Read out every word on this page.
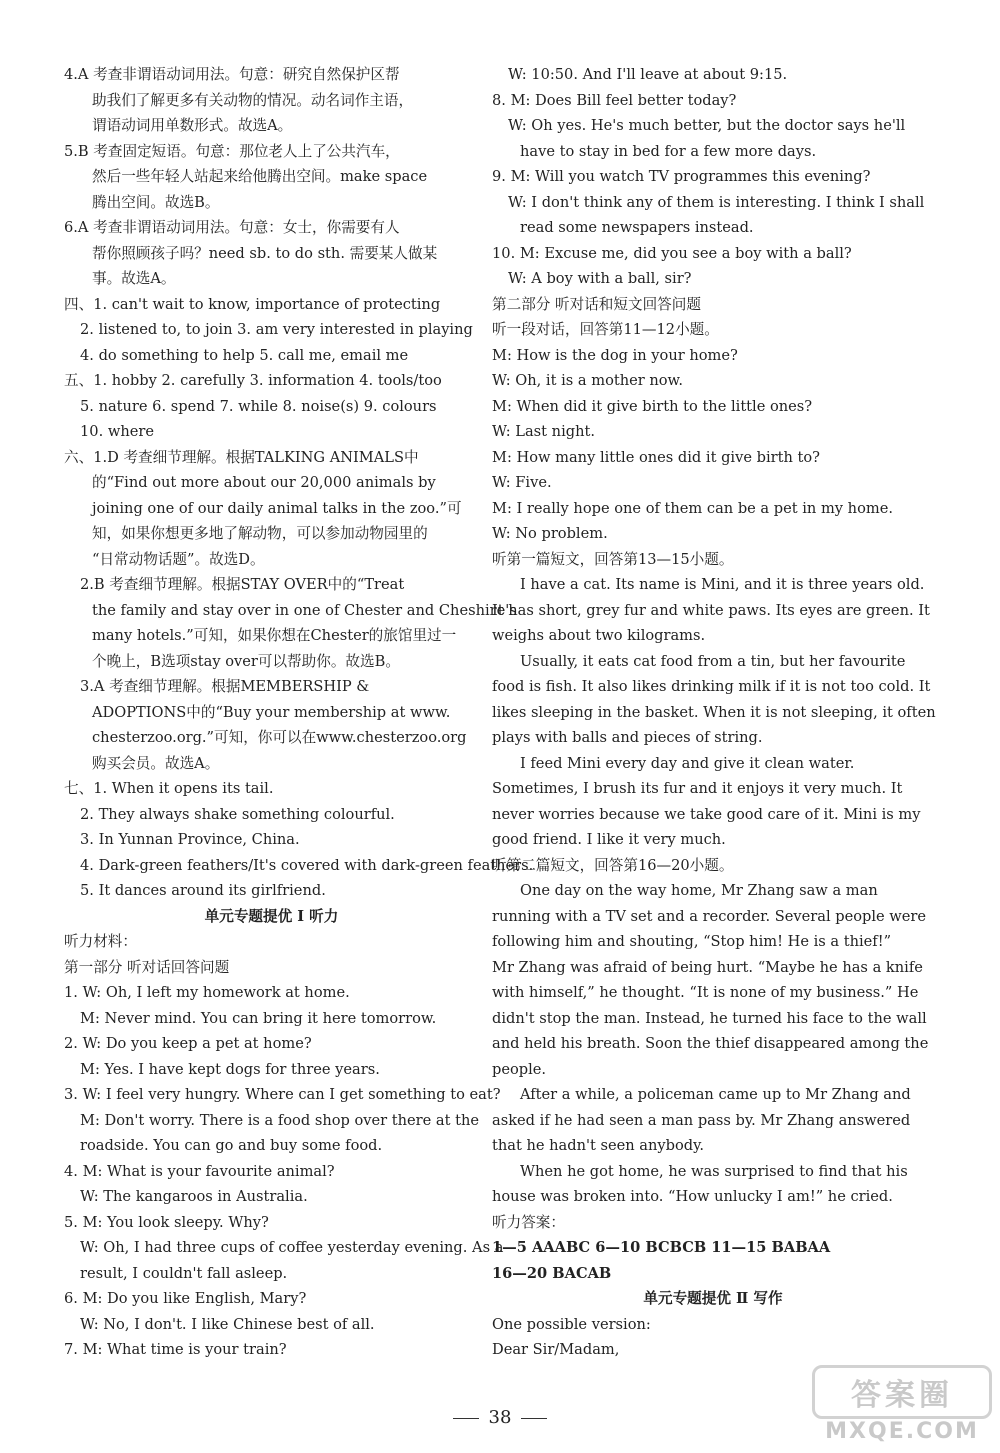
4.A 考查非谓语动词用法。句意：研究自然保护区帮
助我们了解更多有关动物的情况。动名词作主语，
谓语动词用单数形式。故选A。
5.B 考查固定短语。句意：那位老人上了公共汽车，
然后一些年轻人站起来给他腾出空间。make space
腾出空间。故选B。
6.A 考查非谓语动词用法。句意：女士，你需要有人
帮你照顾孩子吗？need sb. to do sth. 需要某人做某
事。故选A。
四、1. can't wait to know, importance of protecting
2. listened to, to join 3. am very interested in playing
4. do something to help 5. call me, email me
五、1. hobby 2. carefully 3. information 4. tools/too
5. nature 6. spend 7. while 8. noise(s) 9. colours
10. where
六、1.D 考查细节理解。根据TALKING ANIMALS中
的“Find out more about our 20,000 animals by
joining one of our daily animal talks in the zoo.”可
知，如果你想更多地了解动物，可以参加动物园里的
“日常动物话题”。故选D。
2.B 考查细节理解。根据STAY OVER中的“Treat
the family and stay over in one of Chester and Cheshire's
many hotels.”可知，如果你想在Chester的旅馆里过一
个晚上，B选项stay over可以帮助你。故选B。
3.A 考查细节理解。根据MEMBERSHIP &
ADOPTIONS中的“Buy your membership at www.
chesterzoo.org.”可知，你可以在www.chesterzoo.org
购买会员。故选A。
七、1. When it opens its tail.
2. They always shake something colourful.
3. In Yunnan Province, China.
4. Dark-green feathers/It's covered with dark-green feathers.
5. It dances around its girlfriend.
单元专题提优 Ⅰ 听力
听力材料：
第一部分 听对话回答问题
1. W: Oh, I left my homework at home.
M: Never mind. You can bring it here tomorrow.
2. W: Do you keep a pet at home?
M: Yes. I have kept dogs for three years.
3. W: I feel very hungry. Where can I get something to eat?
M: Don't worry. There is a food shop over there at the
roadside. You can go and buy some food.
4. M: What is your favourite animal?
W: The kangaroos in Australia.
5. M: You look sleepy. Why?
W: Oh, I had three cups of coffee yesterday evening. As a
result, I couldn't fall asleep.
6. M: Do you like English, Mary?
W: No, I don't. I like Chinese best of all.
7. M: What time is your train?
W: 10:50. And I'll leave at about 9:15.
8. M: Does Bill feel better today?
W: Oh yes. He's much better, but the doctor says he'll
have to stay in bed for a few more days.
9. M: Will you watch TV programmes this evening?
W: I don't think any of them is interesting. I think I shall
read some newspapers instead.
10. M: Excuse me, did you see a boy with a ball?
W: A boy with a ball, sir?
第二部分 听对话和短文回答问题
听一段对话，回答第11—12小题。
M: How is the dog in your home?
W: Oh, it is a mother now.
M: When did it give birth to the little ones?
W: Last night.
M: How many little ones did it give birth to?
W: Five.
M: I really hope one of them can be a pet in my home.
W: No problem.
听第一篇短文，回答第13—15小题。
I have a cat. Its name is Mini, and it is three years old.
It has short, grey fur and white paws. Its eyes are green. It
weighs about two kilograms.
Usually, it eats cat food from a tin, but her favourite
food is fish. It also likes drinking milk if it is not too cold. It
likes sleeping in the basket. When it is not sleeping, it often
plays with balls and pieces of string.
I feed Mini every day and give it clean water.
Sometimes, I brush its fur and it enjoys it very much. It
never worries because we take good care of it. Mini is my
good friend. I like it very much.
听第二篇短文，回答第16—20小题。
One day on the way home, Mr Zhang saw a man
running with a TV set and a recorder. Several people were
following him and shouting, “Stop him! He is a thief!”
Mr Zhang was afraid of being hurt. “Maybe he has a knife
with himself,” he thought. “It is none of my business.” He
didn't stop the man. Instead, he turned his face to the wall
and held his breath. Soon the thief disappeared among the
people.
After a while, a policeman came up to Mr Zhang and
asked if he had seen a man pass by. Mr Zhang answered
that he hadn't seen anybody.
When he got home, he was surprised to find that his
house was broken into. “How unlucky I am!” he cried.
听力答案：
1—5 AAABC 6—10 BCBCB 11—15 BABAA
16—20 BACAB
单元专题提优 Ⅱ 写作
One possible version:
Dear Sir/Madam,
38
答案圈
MXQE.COM
